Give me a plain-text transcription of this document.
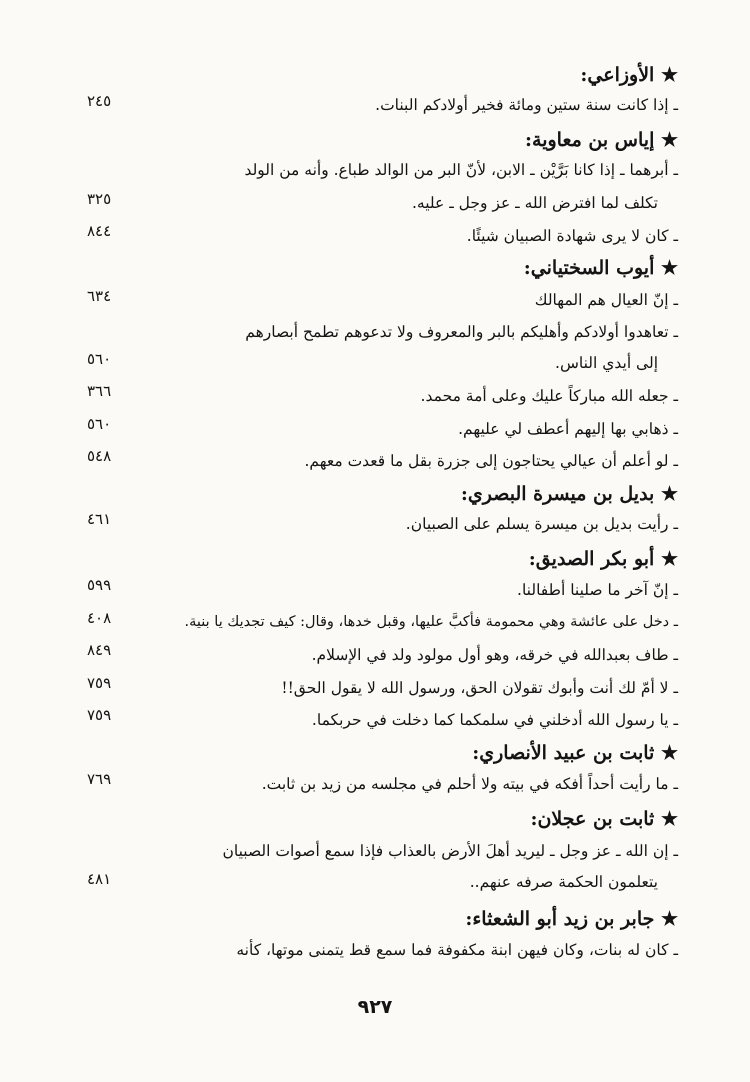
★ الأوزاعي:
★ إياس بن معاوية:
★ أيوب السختياني:
★ بديل بن ميسرة البصري:
★ أبو بكر الصديق:
★ ثابت بن عبيد الأنصاري:
★ ثابت بن عجلان:
★ جابر بن زيد أبو الشعثاء:
ـ إذا كانت سنة ستين ومائة فخير أولادكم البنات.
ـ أبرهما ـ إذا كانا بَرَّيْن ـ الابن، لأنّ البر من الوالد طباع. وأنه من الولد
تكلف لما افترض الله ـ عز وجل ـ عليه.
ـ كان لا يرى شهادة الصبيان شيئًا.
ـ إنّ العيال هم المهالك
ـ تعاهدوا أولادكم وأهليكم بالبر والمعروف ولا تدعوهم تطمح أبصارهم
إلى أيدي الناس.
ـ جعله الله مباركاً عليك وعلى أمة محمد.
ـ ذهابي بها إليهم أعطف لي عليهم.
ـ لو أعلم أن عيالي يحتاجون إلى جزرة بقل ما قعدت معهم.
ـ رأيت بديل بن ميسرة يسلم على الصبيان.
ـ إنّ آخر ما صلينا أطفالنا.
ـ دخل على عائشة وهي محمومة فأكبَّ عليها، وقبل خدها، وقال: كيف تجديك يا بنية.
ـ طاف بعبدالله في خرقه، وهو أول مولود ولد في الإسلام.
ـ لا أمّ لك أنت وأبوك تقولان الحق، ورسول الله لا يقول الحق!!
ـ يا رسول الله أدخلني في سلمكما كما دخلت في حربكما.
ـ ما رأيت أحداً أفكه في بيته ولا أحلم في مجلسه من زيد بن ثابت.
ـ إن الله ـ عز وجل ـ ليريد أهلَ الأرض بالعذاب فإذا سمع أصوات الصبيان
يتعلمون الحكمة صرفه عنهم..
ـ كان له بنات، وكان فيهن ابنة مكفوفة فما سمع قط يتمنى موتها، كأنه
٢٤٥
٣٢٥
٨٤٤
٦٣٤
٥٦٠
٣٦٦
٥٦٠
٥٤٨
٤٦١
٥٩٩
٤٠٨
٨٤٩
٧٥٩
٧٥٩
٧٦٩
٤٨١
٩٢٧
